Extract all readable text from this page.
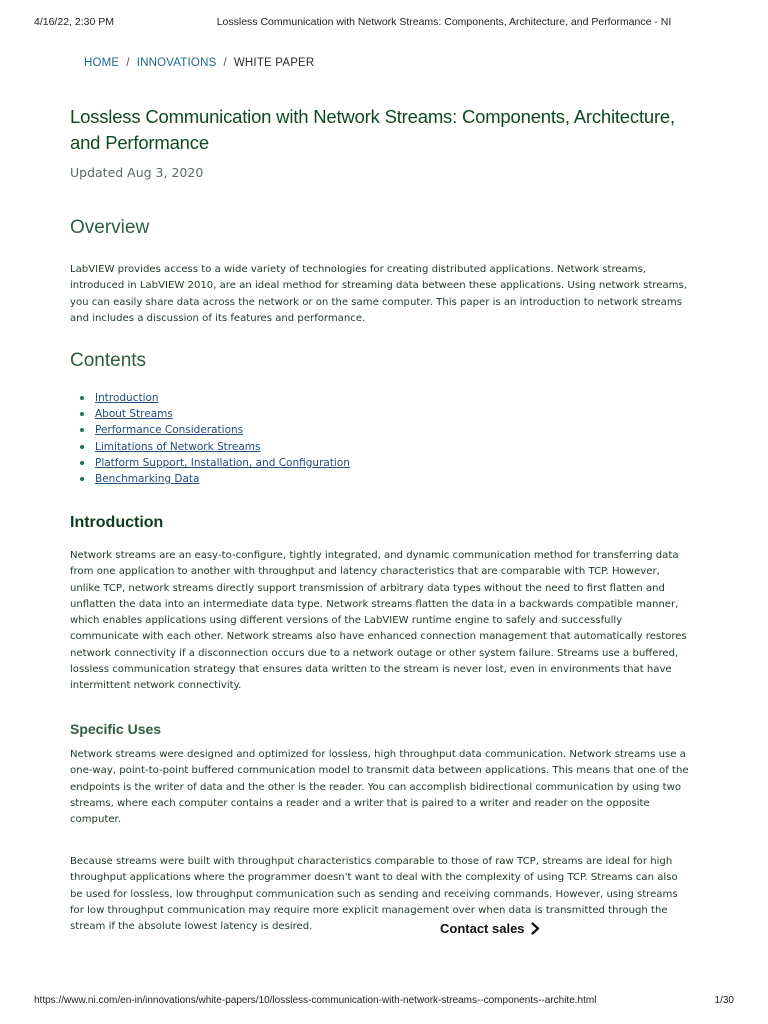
4/16/22, 2:30 PM	Lossless Communication with Network Streams: Components, Architecture, and Performance - NI
HOME / INNOVATIONS / WHITE PAPER
Lossless Communication with Network Streams: Components, Architecture, and Performance
Updated Aug 3, 2020
Overview

LabVIEW provides access to a wide variety of technologies for creating distributed applications. Network streams, introduced in LabVIEW 2010, are an ideal method for streaming data between these applications. Using network streams, you can easily share data across the network or on the same computer. This paper is an introduction to network streams and includes a discussion of its features and performance.

Contents
Introduction
About Streams
Performance Considerations
Limitations of Network Streams
Platform Support, Installation, and Configuration
Benchmarking Data
Introduction

Network streams are an easy-to-configure, tightly integrated, and dynamic communication method for transferring data from one application to another with throughput and latency characteristics that are comparable with TCP. However, unlike TCP, network streams directly support transmission of arbitrary data types without the need to first flatten and unflatten the data into an intermediate data type. Network streams flatten the data in a backwards compatible manner, which enables applications using different versions of the LabVIEW runtime engine to safely and successfully communicate with each other. Network streams also have enhanced connection management that automatically restores network connectivity if a disconnection occurs due to a network outage or other system failure. Streams use a buffered, lossless communication strategy that ensures data written to the stream is never lost, even in environments that have intermittent network connectivity.

Specific Uses

Network streams were designed and optimized for lossless, high throughput data communication. Network streams use a one-way, point-to-point buffered communication model to transmit data between applications. This means that one of the endpoints is the writer of data and the other is the reader. You can accomplish bidirectional communication by using two streams, where each computer contains a reader and a writer that is paired to a writer and reader on the opposite computer.

Because streams were built with throughput characteristics comparable to those of raw TCP, streams are ideal for high throughput applications where the programmer doesn't want to deal with the complexity of using TCP. Streams can also be used for lossless, low throughput communication such as sending and receiving commands. However, using streams for low throughput communication may require more explicit management over when data is transmitted through the stream if the absolute lowest latency is desired.	Contact sales
https://www.ni.com/en-in/innovations/white-papers/10/lossless-communication-with-network-streams--components--archite.html	1/30
